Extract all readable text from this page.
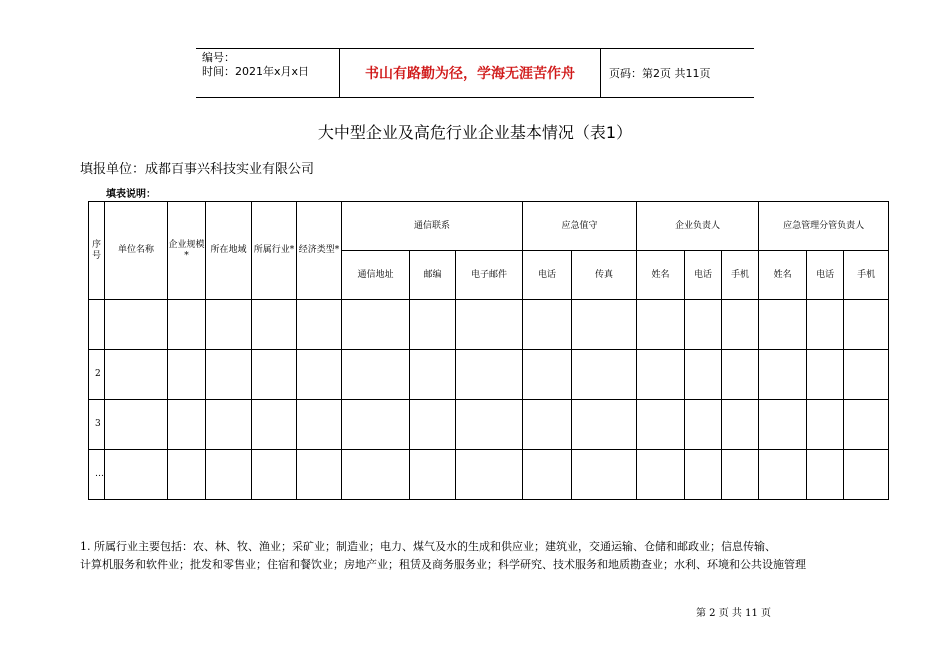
编号：
时间：2021年x月x日	书山有路勤为径，学海无涯苦作舟	页码：第2页 共11页
大中型企业及高危行业企业基本情况（表1）
填报单位：成都百事兴科技实业有限公司
填表说明：
序号	单位名称	企业规模*	所在地域	所属行业*	经济类型*	通信联系			应急值守		企业负责人			应急管理分管负责人		
						通信地址	邮编	电子邮件	电话	传真	姓名	电话	手机	姓名	电话	手机

2																
3																
…																
1. 所属行业主要包括：农、林、牧、渔业；采矿业；制造业；电力、煤气及水的生成和供应业；建筑业，交通运输、仓储和邮政业；信息传输、
计算机服务和软件业；批发和零售业；住宿和餐饮业；房地产业；租赁及商务服务业；科学研究、技术服务和地质勘查业；水利、环境和公共设施管理
第 2 页 共 11 页
